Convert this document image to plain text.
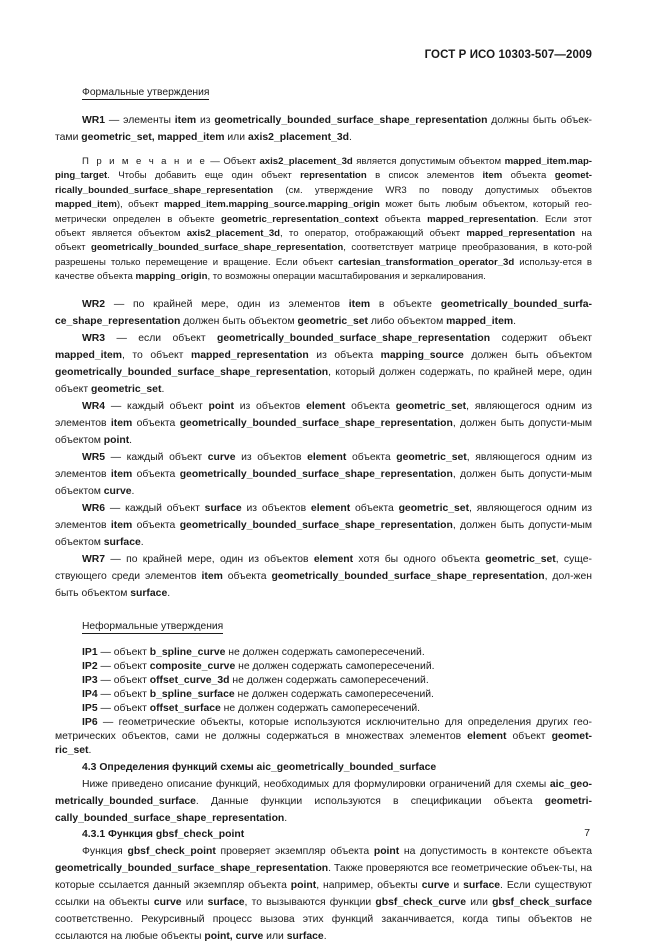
ГОСТ Р ИСО 10303-507—2009
Формальные утверждения

WR1 — элементы item из geometrically_bounded_surface_shape_representation должны быть объек-тами geometric_set, mapped_item или axis2_placement_3d.

П р и м е ч а н и е — Объект axis2_placement_3d является допустимым объектом mapped_item.map-ping_target. Чтобы добавить еще один объект representation в список элементов item объекта geomet-rically_bounded_surface_shape_representation (см. утверждение WR3 по поводу допустимых объектов mapped_item), объект mapped_item.mapping_source.mapping_origin может быть любым объектом, который гео-метрически определен в объекте geometric_representation_context объекта mapped_representation. Если этот объект является объектом axis2_placement_3d, то оператор, отображающий объект mapped_representation на объект geometrically_bounded_surface_shape_representation, соответствует матрице преобразования, в кото-рой разрешены только перемещение и вращение. Если объект cartesian_transformation_operator_3d использу-ется в качестве объекта mapping_origin, то возможны операции масштабирования и зеркалирования.

WR2 — по крайней мере, один из элементов item в объекте geometrically_bounded_surfa-ce_shape_representation должен быть объектом geometric_set либо объектом mapped_item.

WR3 — если объект geometrically_bounded_surface_shape_representation содержит объект mapped_item, то объект mapped_representation из объекта mapping_source должен быть объектом geometrically_bounded_surface_shape_representation, который должен содержать, по крайней мере, один объект geometric_set.

WR4 — каждый объект point из объектов element объекта geometric_set, являющегося одним из элементов item объекта geometrically_bounded_surface_shape_representation, должен быть допусти-мым объектом point.

WR5 — каждый объект curve из объектов element объекта geometric_set, являющегося одним из элементов item объекта geometrically_bounded_surface_shape_representation, должен быть допусти-мым объектом curve.

WR6 — каждый объект surface из объектов element объекта geometric_set, являющегося одним из элементов item объекта geometrically_bounded_surface_shape_representation, должен быть допусти-мым объектом surface.

WR7 — по крайней мере, один из объектов element хотя бы одного объекта geometric_set, суще-ствующего среди элементов item объекта geometrically_bounded_surface_shape_representation, дол-жен быть объектом surface.

Неформальные утверждения

IP1 — объект b_spline_curve не должен содержать самопересечений.

IP2 — объект composite_curve не должен содержать самопересечений.

IP3 — объект offset_curve_3d не должен содержать самопересечений.

IP4 — объект b_spline_surface не должен содержать самопересечений.

IP5 — объект offset_surface не должен содержать самопересечений.

IP6 — геометрические объекты, которые используются исключительно для определения других гео-метрических объектов, сами не должны содержаться в множествах элементов element объект geomet-ric_set.

4.3 Определения функций схемы aic_geometrically_bounded_surface

Ниже приведено описание функций, необходимых для формулировки ограничений для схемы aic_geo-metrically_bounded_surface. Данные функции используются в спецификации объекта geometri-cally_bounded_surface_shape_representation.

4.3.1 Функция gbsf_check_point

Функция gbsf_check_point проверяет экземпляр объекта point на допустимость в контексте объекта geometrically_bounded_surface_shape_representation. Также проверяются все геометрические объек-ты, на которые ссылается данный экземпляр объекта point, например, объекты curve и surface. Если существуют ссылки на объекты curve или surface, то вызываются функции gbsf_check_curve или gbsf_check_surface соответственно. Рекурсивный процесс вызова этих функций заканчивается, когда типы объектов не ссылаются на любые объекты point, curve или surface.

7
